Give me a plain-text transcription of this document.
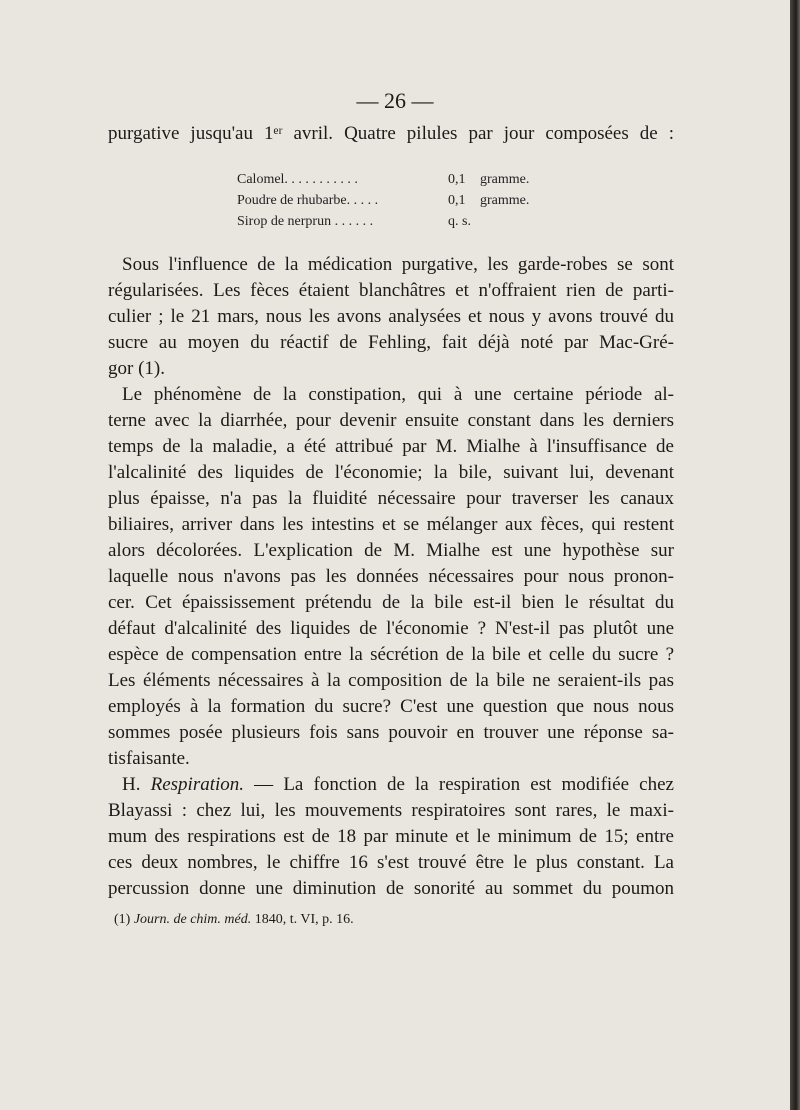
— 26 —
purgative jusqu'au 1ᵉʳ avril. Quatre pilules par jour composées de :
Calomel. . . . . . . . . . .	0,1 gramme.
Poudre de rhubarbe. . . . .	0,1 gramme.
Sirop de nerprun . . . . . .	q. s.
Sous l'influence de la médication purgative, les garde-robes se sont
régularisées. Les fèces étaient blanchâtres et n'offraient rien de parti-
culier ; le 21 mars, nous les avons analysées et nous y avons trouvé du
sucre au moyen du réactif de Fehling, fait déjà noté par Mac-Gré-
gor (1).
Le phénomène de la constipation, qui à une certaine période al-
terne avec la diarrhée, pour devenir ensuite constant dans les derniers
temps de la maladie, a été attribué par M. Mialhe à l'insuffisance de
l'alcalinité des liquides de l'économie; la bile, suivant lui, devenant
plus épaisse, n'a pas la fluidité nécessaire pour traverser les canaux
biliaires, arriver dans les intestins et se mélanger aux fèces, qui restent
alors décolorées. L'explication de M. Mialhe est une hypothèse sur
laquelle nous n'avons pas les données nécessaires pour nous pronon-
cer. Cet épaississement prétendu de la bile est-il bien le résultat du
défaut d'alcalinité des liquides de l'économie ? N'est-il pas plutôt une
espèce de compensation entre la sécrétion de la bile et celle du sucre ?
Les éléments nécessaires à la composition de la bile ne seraient-ils pas
employés à la formation du sucre? C'est une question que nous nous
sommes posée plusieurs fois sans pouvoir en trouver une réponse sa-
tisfaisante.
H. Respiration. — La fonction de la respiration est modifiée chez
Blayassi : chez lui, les mouvements respiratoires sont rares, le maxi-
mum des respirations est de 18 par minute et le minimum de 15; entre
ces deux nombres, le chiffre 16 s'est trouvé être le plus constant. La
percussion donne une diminution de sonorité au sommet du poumon
(1) Journ. de chim. méd. 1840, t. VI, p. 16.
